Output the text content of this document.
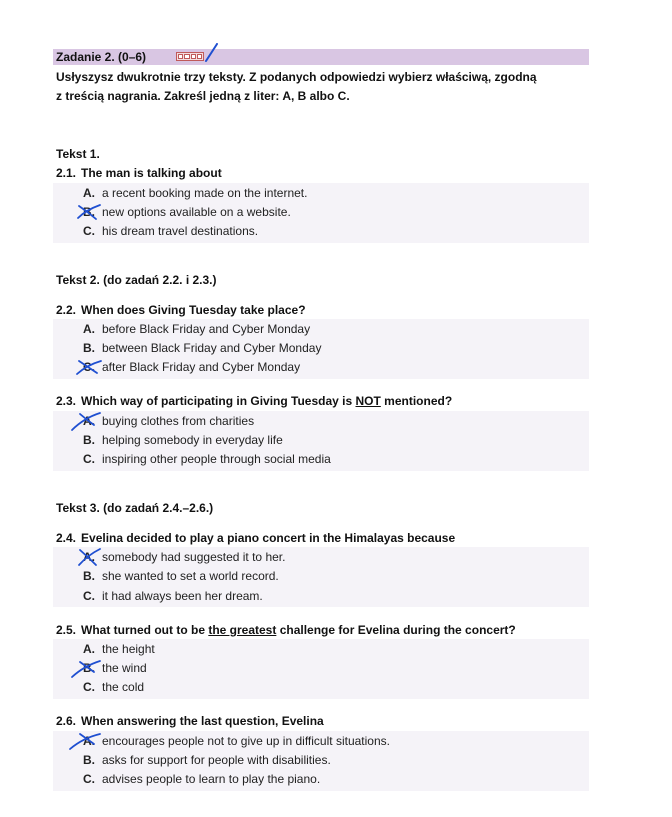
Zadanie 2. (0–6)
Usłyszysz dwukrotnie trzy teksty. Z podanych odpowiedzi wybierz właściwą, zgodną
z treścią nagrania. Zakreśl jedną z liter: A, B albo C.
Tekst 1.
2.1. The man is talking about
A. a recent booking made on the internet.
B. new options available on a website.
C. his dream travel destinations.
Tekst 2. (do zadań 2.2. i 2.3.)
2.2. When does Giving Tuesday take place?
A. before Black Friday and Cyber Monday
B. between Black Friday and Cyber Monday
C. after Black Friday and Cyber Monday
2.3. Which way of participating in Giving Tuesday is NOT mentioned?
A. buying clothes from charities
B. helping somebody in everyday life
C. inspiring other people through social media
Tekst 3. (do zadań 2.4.–2.6.)
2.4. Evelina decided to play a piano concert in the Himalayas because
A. somebody had suggested it to her.
B. she wanted to set a world record.
C. it had always been her dream.
2.5. What turned out to be the greatest challenge for Evelina during the concert?
A. the height
B. the wind
C. the cold
2.6. When answering the last question, Evelina
A. encourages people not to give up in difficult situations.
B. asks for support for people with disabilities.
C. advises people to learn to play the piano.
